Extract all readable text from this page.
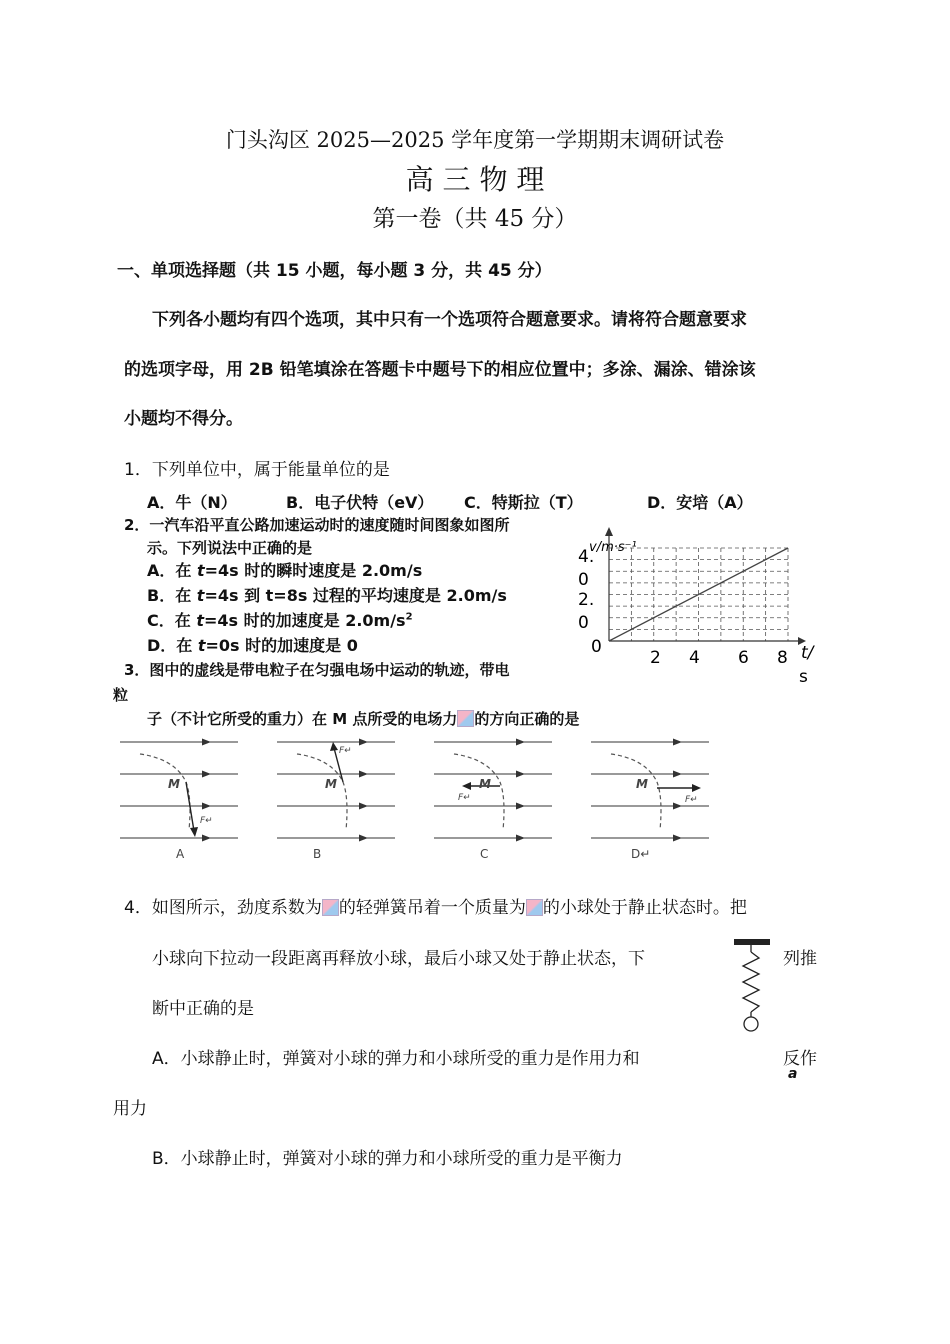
门头沟区 2025—2025 学年度第一学期期末调研试卷
高 三 物 理
第一卷（共 45 分）
一、单项选择题（共 15 小题，每小题 3 分，共 45 分）
下列各小题均有四个选项，其中只有一个选项符合题意要求。请将符合题意要求
的选项字母，用 2B 铅笔填涂在答题卡中题号下的相应位置中；多涂、漏涂、错涂该
小题均不得分。
1．下列单位中，属于能量单位的是
A．牛（N）	B．电子伏特（eV） C．特斯拉（T）	D．安培（A）
2．一汽车沿平直公路加速运动时的速度随时间图象如图所
示。下列说法中正确的是
A．在 t=4s 时的瞬时速度是 2.0m/s
B．在 t=4s 到 t=8s 过程的平均速度是 2.0m/s
C．在 t=4s 时的加速度是 $2.0m/s^2$
D．在 t=0s 时的加速度是 0
v/m·s⁻¹
4.
0
2.
0
0
2 4 6 8 t/
s
3．图中的虚线是带电粒子在匀强电场中运动的轨迹，带电
粒
子（不计它所受的重力）在 M 点所受的电场力 的方向正确的是
M
F↵
A
M
F↵
B
M
F↵
C
M
F↵
D↵
4．如图所示，劲度系数为 的轻弹簧吊着一个质量为 的小球处于静止状态时。把
小球向下拉动一段距离再释放小球，最后小球又处于静止状态，下	列推
断中正确的是
A．小球静止时，弹簧对小球的弹力和小球所受的重力是作用力和	反作
a
用力
B．小球静止时，弹簧对小球的弹力和小球所受的重力是平衡力
